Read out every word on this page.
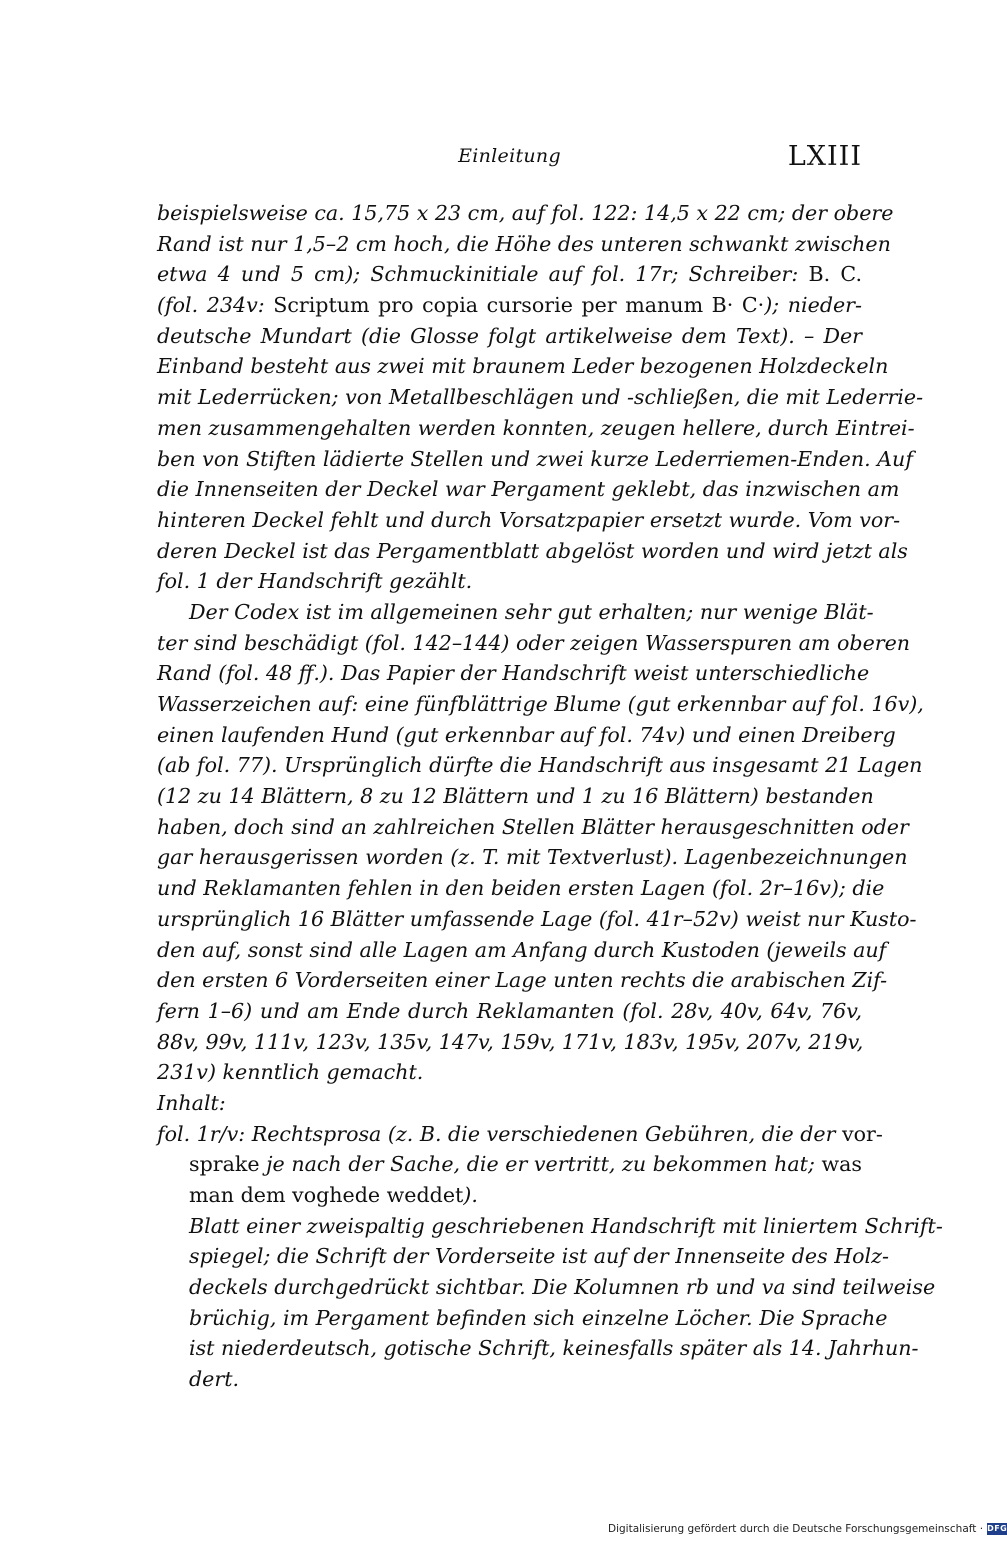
Einleitung	LXIII
beispielsweise ca. 15,75 x 23 cm, auf fol. 122: 14,5 x 22 cm; der obere
Rand ist nur 1,5–2 cm hoch, die Höhe des unteren schwankt zwischen
etwa 4 und 5 cm); Schmuckinitiale auf fol. 17r; Schreiber: B. C.
(fol. 234v: Scriptum pro copia cursorie per manum B· C·); nieder-
deutsche Mundart (die Glosse folgt artikelweise dem Text). – Der
Einband besteht aus zwei mit braunem Leder bezogenen Holzdeckeln
mit Lederrücken; von Metallbeschlägen und -schließen, die mit Lederrie-
men zusammengehalten werden konnten, zeugen hellere, durch Eintrei-
ben von Stiften lädierte Stellen und zwei kurze Lederriemen-Enden. Auf
die Innenseiten der Deckel war Pergament geklebt, das inzwischen am
hinteren Deckel fehlt und durch Vorsatzpapier ersetzt wurde. Vom vor-
deren Deckel ist das Pergamentblatt abgelöst worden und wird jetzt als
fol. 1 der Handschrift gezählt.
Der Codex ist im allgemeinen sehr gut erhalten; nur wenige Blät-
ter sind beschädigt (fol. 142–144) oder zeigen Wasserspuren am oberen
Rand (fol. 48 ff.). Das Papier der Handschrift weist unterschiedliche
Wasserzeichen auf: eine fünfblättrige Blume (gut erkennbar auf fol. 16v),
einen laufenden Hund (gut erkennbar auf fol. 74v) und einen Dreiberg
(ab fol. 77). Ursprünglich dürfte die Handschrift aus insgesamt 21 Lagen
(12 zu 14 Blättern, 8 zu 12 Blättern und 1 zu 16 Blättern) bestanden
haben, doch sind an zahlreichen Stellen Blätter herausgeschnitten oder
gar herausgerissen worden (z. T. mit Textverlust). Lagenbezeichnungen
und Reklamanten fehlen in den beiden ersten Lagen (fol. 2r–16v); die
ursprünglich 16 Blätter umfassende Lage (fol. 41r–52v) weist nur Kusto-
den auf, sonst sind alle Lagen am Anfang durch Kustoden (jeweils auf
den ersten 6 Vorderseiten einer Lage unten rechts die arabischen Zif-
fern 1–6) und am Ende durch Reklamanten (fol. 28v, 40v, 64v, 76v,
88v, 99v, 111v, 123v, 135v, 147v, 159v, 171v, 183v, 195v, 207v, 219v,
231v) kenntlich gemacht.
Inhalt:
fol. 1r/v: Rechtsprosa (z. B. die verschiedenen Gebühren, die der vor-
sprake je nach der Sache, die er vertritt, zu bekommen hat; was
man dem voghede weddet).
Blatt einer zweispaltig geschriebenen Handschrift mit liniertem Schrift-
spiegel; die Schrift der Vorderseite ist auf der Innenseite des Holz-
deckels durchgedrückt sichtbar. Die Kolumnen rb und va sind teilweise
brüchig, im Pergament befinden sich einzelne Löcher. Die Sprache
ist niederdeutsch, gotische Schrift, keinesfalls später als 14. Jahrhun-
dert.
Digitalisierung gefördert durch die Deutsche Forschungsgemeinschaft · DFG
